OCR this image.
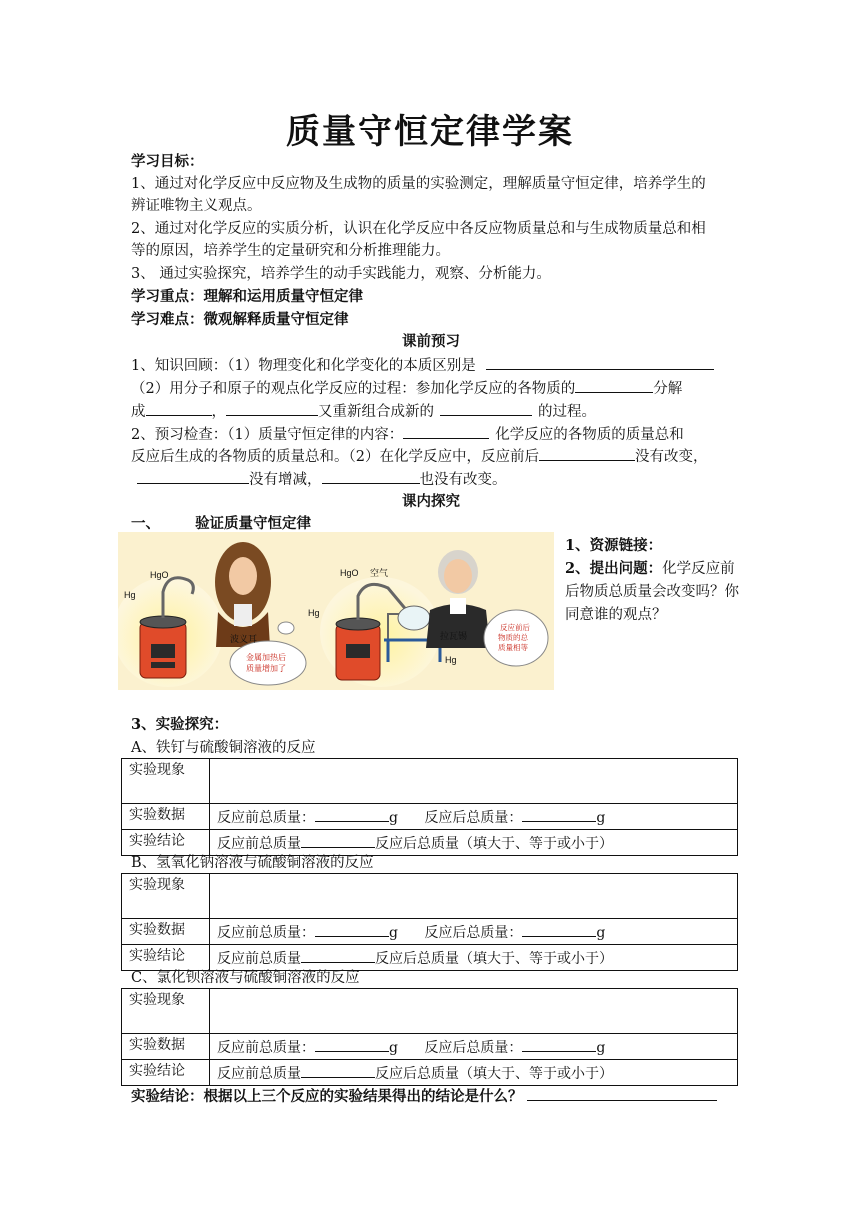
质量守恒定律学案
学习目标：
1、通过对化学反应中反应物及生成物的质量的实验测定，理解质量守恒定律，培养学生的
辨证唯物主义观点。
2、通过对化学反应的实质分析，认识在化学反应中各反应物质量总和与生成物质量总和相
等的原因，培养学生的定量研究和分析推理能力。
3、 通过实验探究，培养学生的动手实践能力，观察、分析能力。
学习重点：理解和运用质量守恒定律
学习难点：微观解释质量守恒定律
课前预习
1、知识回顾：（1）物理变化和化学变化的本质区别是
（2）用分子和原子的观点化学反应的过程：参加化学反应的各物质的	分解
成	，	又重新组合成新的	的过程。
2、预习检查：（1）质量守恒定律的内容：	化学反应的各物质的质量总和
反应后生成的各物质的质量总和。（2）在化学反应中，反应前后	没有改变，
没有增减，	也没有改变。
课内探究
一、 验证质量守恒定律
Hg
HgO
波义耳
金属加热后 质量增加了
HgO 空气
Hg
Hg
拉瓦锡
反应前后 物质的总 质量相等
1、资源链接：
2、提出问题：化学反应前后物质总质量会改变吗？你同意谁的观点？
3、实验探究：
A、铁钉与硫酸铜溶液的反应
实验现象	
实验数据	反应前总质量： g 反应后总质量： g
实验结论	反应前总质量 反应后总质量（填大于、等于或小于）
B、氢氧化钠溶液与硫酸铜溶液的反应
实验现象	
实验数据	反应前总质量： g 反应后总质量： g
实验结论	反应前总质量 反应后总质量（填大于、等于或小于）
C、氯化钡溶液与硫酸铜溶液的反应
实验现象	
实验数据	反应前总质量： g 反应后总质量： g
实验结论	反应前总质量 反应后总质量（填大于、等于或小于）
实验结论：根据以上三个反应的实验结果得出的结论是什么？
